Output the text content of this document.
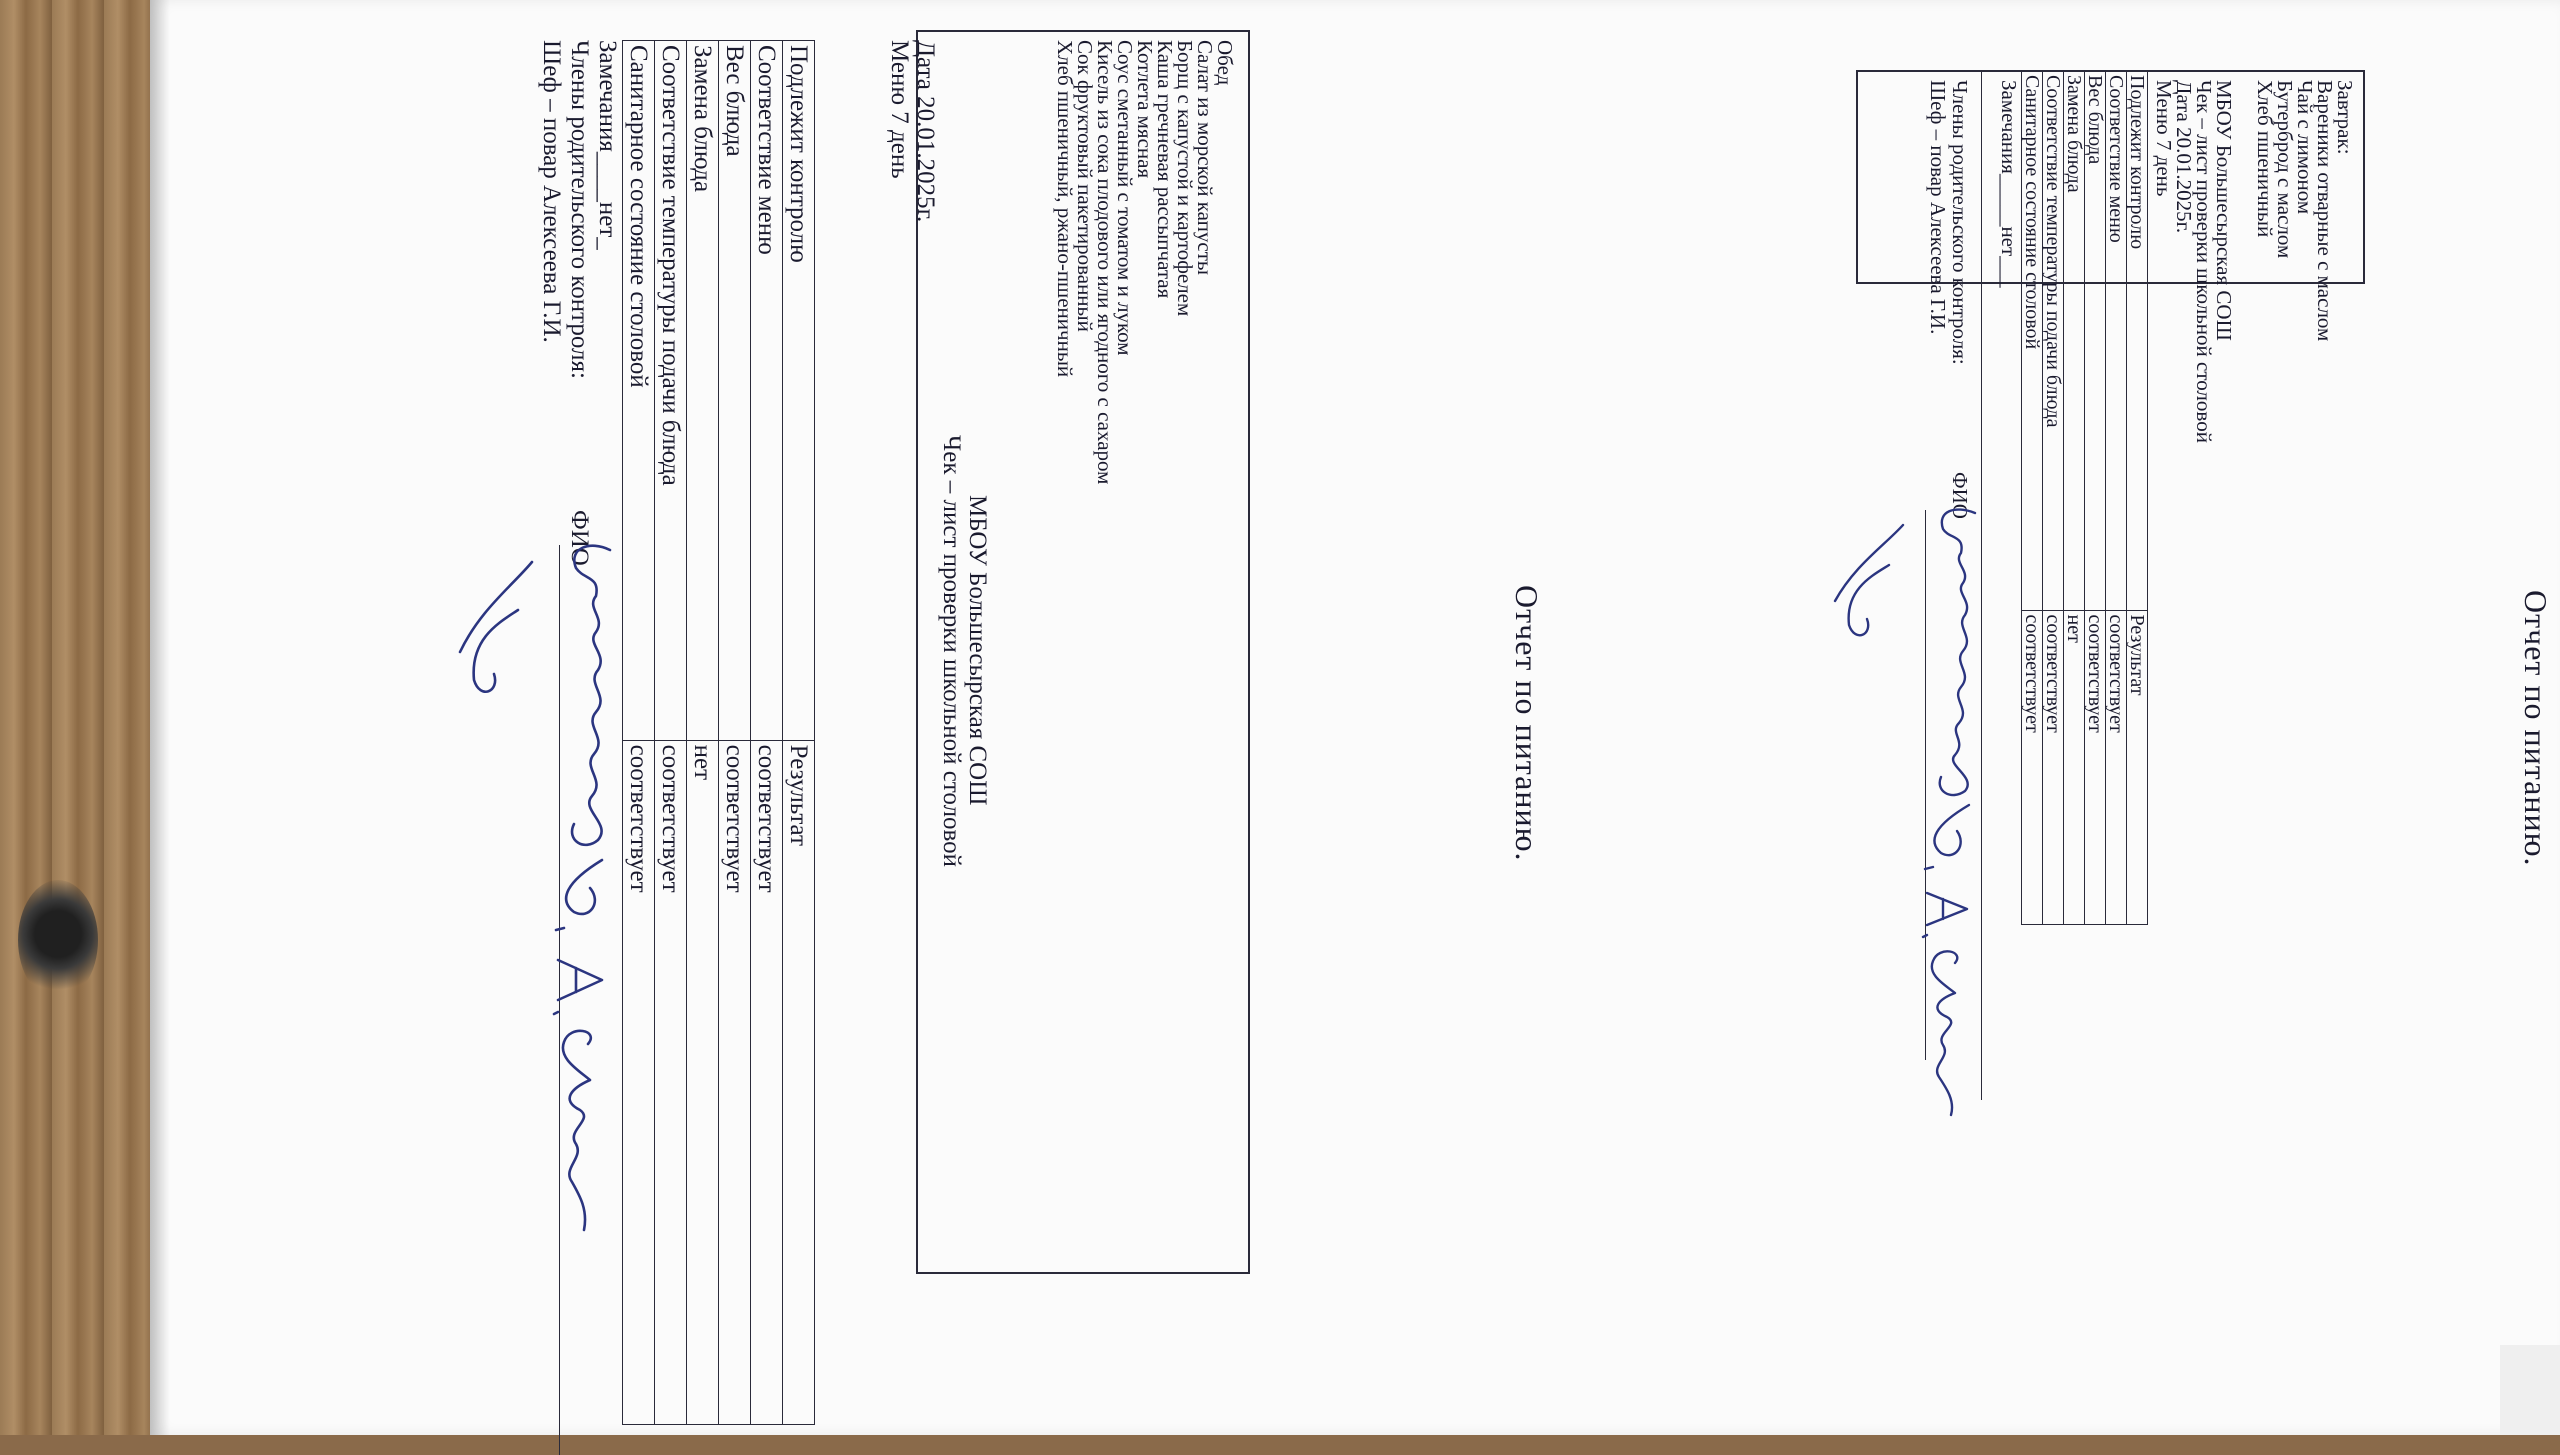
Отчет по питанию.
Завтрак:
Вареники отварные с маслом
Чай с лимоном
Бутерброд с маслом
Хлеб пшеничный
МБОУ Большесырская СОШ
Чек – лист проверки школьной столовой
Дата 20.01.2025г.
Меню 7 день
Подлежит контролю	Результат
Соответствие меню	соответствует
Вес блюда	соответствует
Замена блюда	нет
Соответствие температуры подачи блюда	соответствует
Санитарное состояние столовой	соответствует
Замечания_____нет___
Члены родительского контроля:
ФИО
Шеф – повар Алексеева Г.И.
Отчет по питанию.
Обед
Салат из морской капусты
Борщ с капустой и картофелем
Каша гречневая рассыпчатая
Котлета мясная
Соус сметанный с томатом и луком
Кисель из сока плодового или ягодного с сахаром
Сок фруктовый пакетированный
Хлеб пшеничный, ржано-пшеничный
МБОУ Большесырская СОШ
Чек – лист проверки школьной столовой
Дата 20.01.2025г.
Меню 7 день
Подлежит контролю	Результат
Соответствие меню	соответствует
Вес блюда	соответствует
Замена блюда	нет
Соответствие температуры подачи блюда	соответствует
Санитарное состояние столовой	соответствует
Замечания____нет_
Члены родительского контроля:
ФИО
Шеф – повар Алексеева Г.И.
